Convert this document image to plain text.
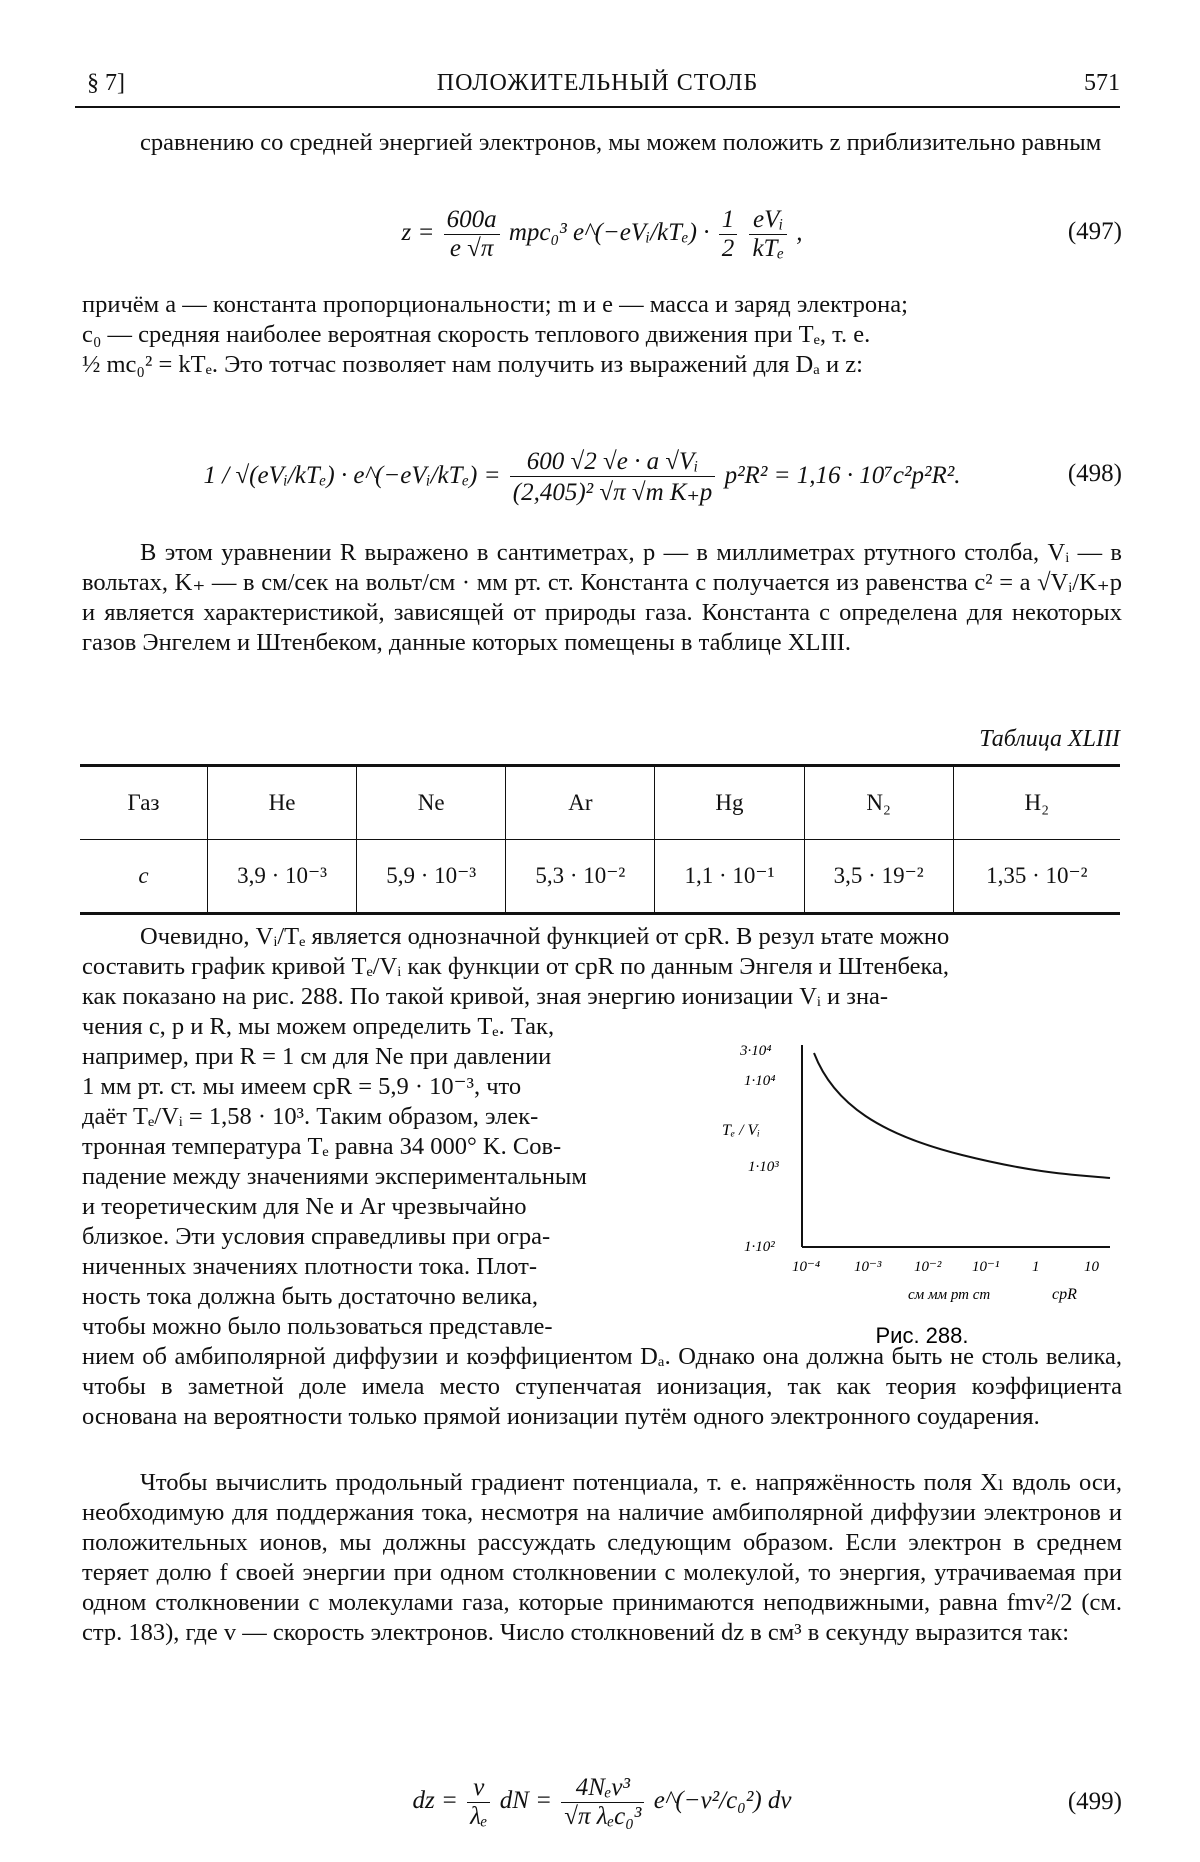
§ 7]	ПОЛОЖИТЕЛЬНЫЙ СТОЛБ	571

сравнению со средней энергией электронов, мы можем положить z приблизительно равным

$z = \frac{600a}{e √\pi} mpc_0^3$ e^(−eVᵢ/kTₑ) · $\frac{1}{2}$
$\frac{\text{eVᵢ}}{\text{kTₑ}}$ ,	(497)

причём a — константа пропорциональности; m и e — масса и заряд электрона;

c₀ — средняя наиболее вероятная скорость теплового движения при Tₑ, т. е.

½ mc₀² = kTₑ. Это тотчас позволяет нам получить из выражений для Dₐ и z:

1 / √(eVᵢ/kTₑ) · e^(−eVᵢ/kTₑ) = $\frac{\text{600 √2 √e · a √Vᵢ}}{\text{(2,405)² √π √m K₊p}} p^2R^2 = 1,16 \cdot 10^7c^2p^2R^2$.	(498)

В этом уравнении R выражено в сантиметрах, p — в миллиметрах ртутного столба, Vᵢ — в вольтах, K₊ — в см/сек на вольт/см · мм рт. ст. Константа c получается из равенства c² = a √Vᵢ/K₊p и является характеристикой, зависящей от природы газа. Константа c определена для некоторых газов Энгелем и Штенбеком, данные которых помещены в таблице XLIII.

Таблица XLIII
Газ	He	Ne	Ar	Hg	N₂	H₂
c	3,9 · 10⁻³	5,9 · 10⁻³	5,3 · 10⁻²	1,1 · 10⁻¹	3,5 · 19⁻²	1,35 · 10⁻²

Очевидно, Vᵢ/Tₑ является однозначной функцией от cpR. В резул ьтате можно

составить график кривой Tₑ/Vᵢ как функции от cpR по данным Энгеля и Штенбека,

как показано на рис. 288. По такой кривой, зная энергию ионизации Vᵢ и зна-

чения c, p и R, мы можем определить Tₑ. Так,

например, при R = 1 см для Ne при давлении

1 мм рт. ст. мы имеем cpR = 5,9 · 10⁻³, что

даёт Tₑ/Vᵢ = 1,58 · 10³. Таким образом, элек-

тронная температура Tₑ равна 34 000° K. Сов-

падение между значениями экспериментальным

и теоретическим для Ne и Ar чрезвычайно

близкое. Эти условия справедливы при огра-

ниченных значениях плотности тока. Плот-

ность тока должна быть достаточно велика,

чтобы можно было пользоваться представле-

3·10⁴
1·10⁴
1·10³
1·10²
Tₑ / Vᵢ
10⁻⁴ 10⁻³ 10⁻² 10⁻¹ 1	10
см мм рт ст	cpR
Рис. 288.

нием об амбиполярной диффузии и коэффициентом Dₐ. Однако она должна быть не столь велика, чтобы в заметной доле имела место ступенчатая ионизация, так как теория коэффициента основана на вероятности только прямой ионизации путём одного электронного соударения.

Чтобы вычислить продольный градиент потенциала, т. е. напряжённость поля Xₗ вдоль оси, необходимую для поддержания тока, несмотря на наличие амбиполярной диффузии электронов и положительных ионов, мы должны рассуждать следующим образом. Если электрон в среднем теряет долю f своей энергии при одном столкновении с молекулой, то энергия, утрачиваемая при одном столкновении с молекулами газа, которые принимаются неподвижными, равна fmv²/2 (см. стр. 183), где v — скорость электронов. Число столкновений dz в см³ в секунду выразится так:

dz = $\frac{v}{\text{λₑ}}$ dN = $\frac{\text{4Nₑv³}}{\text{√π λₑc₀³}}$ e^(−v²/c₀²) dv	(499)
